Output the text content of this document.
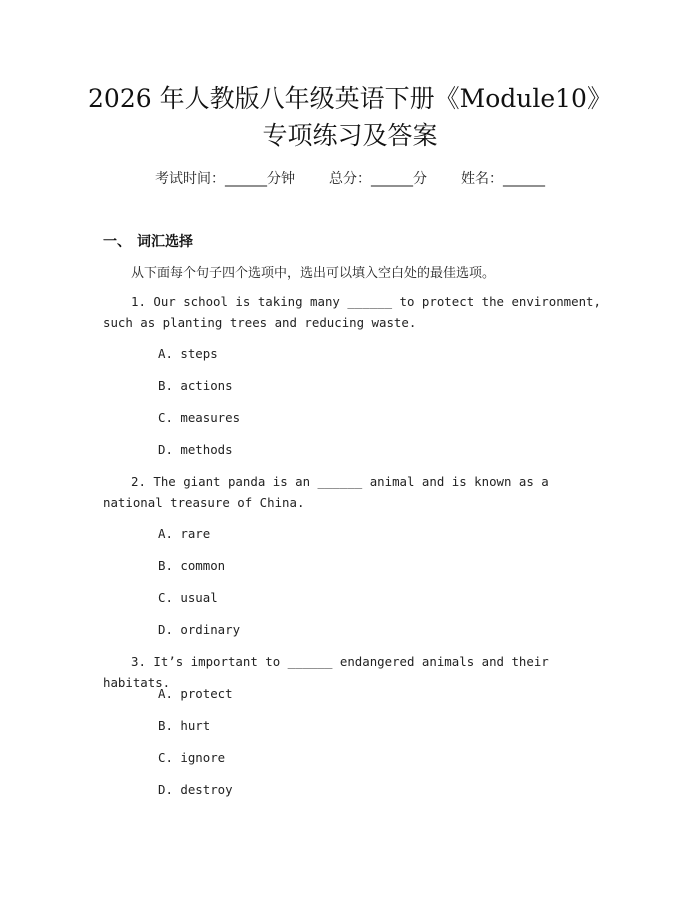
2026 年人教版八年级英语下册《Module10》
专项练习及答案
考试时间：______分钟 总分：______分 姓名：______
一、 词汇选择
从下面每个句子四个选项中，选出可以填入空白处的最佳选项。
1. Our school is taking many ______ to protect the environment, such as planting trees and reducing waste.
A. steps
B. actions
C. measures
D. methods
2. The giant panda is an ______ animal and is known as a national treasure of China.
A. rare
B. common
C. usual
D. ordinary
3. It’s important to ______ endangered animals and their habitats.
A. protect
B. hurt
C. ignore
D. destroy
